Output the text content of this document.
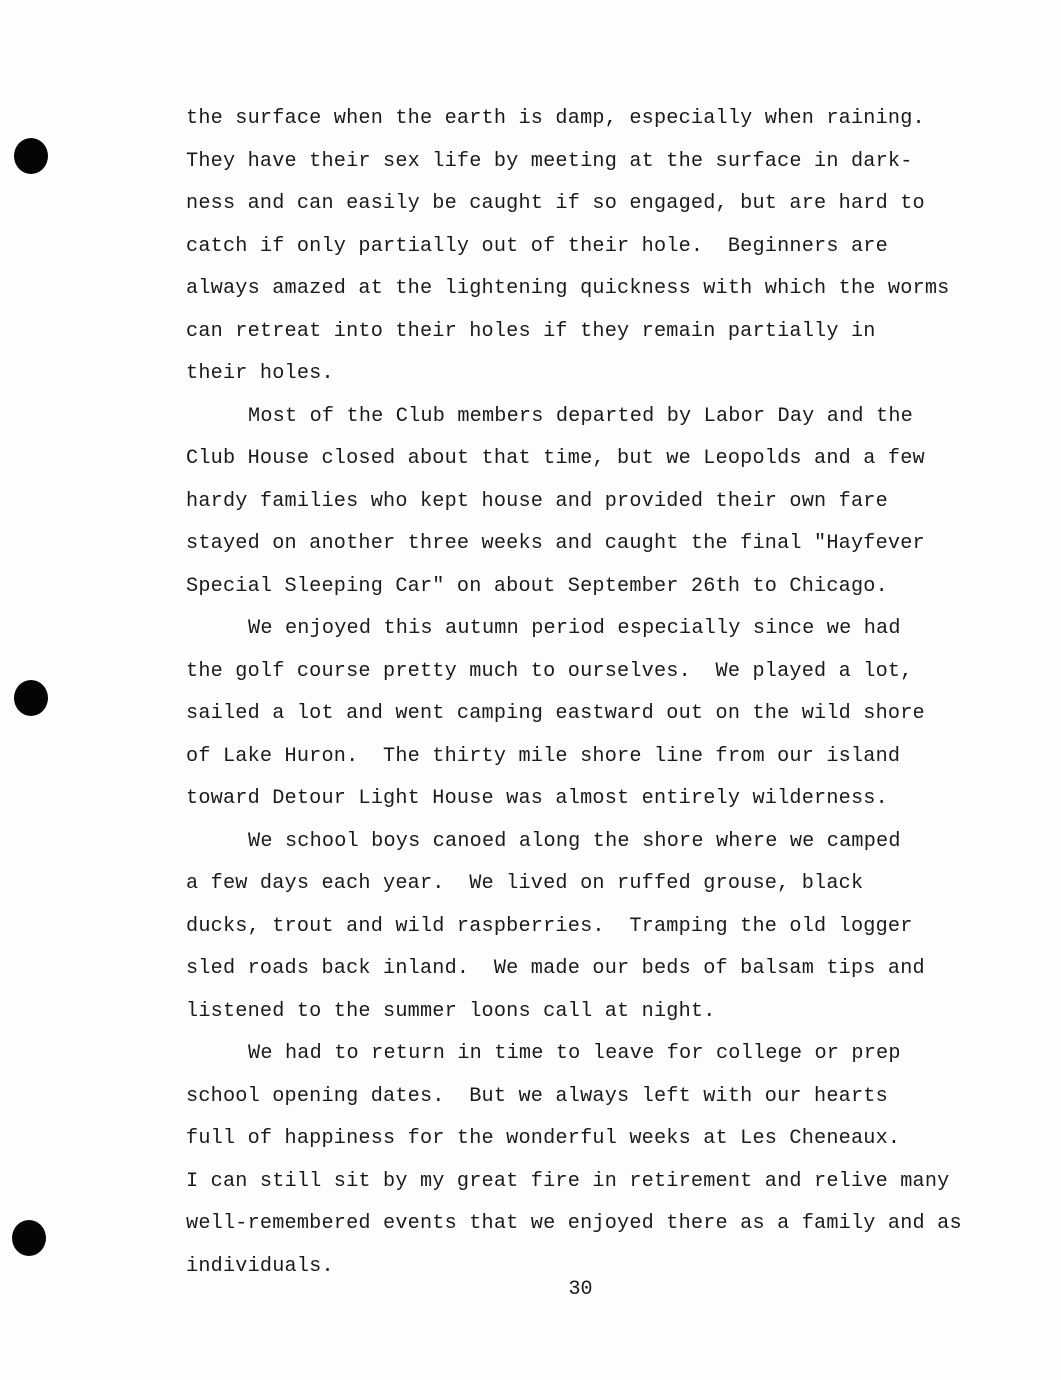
the surface when the earth is damp, especially when raining.
They have their sex life by meeting at the surface in dark-
ness and can easily be caught if so engaged, but are hard to
catch if only partially out of their hole.  Beginners are
always amazed at the lightening quickness with which the worms
can retreat into their holes if they remain partially in
their holes.
Most of the Club members departed by Labor Day and the
Club House closed about that time, but we Leopolds and a few
hardy families who kept house and provided their own fare
stayed on another three weeks and caught the final "Hayfever
Special Sleeping Car" on about September 26th to Chicago.
We enjoyed this autumn period especially since we had
the golf course pretty much to ourselves.  We played a lot,
sailed a lot and went camping eastward out on the wild shore
of Lake Huron.  The thirty mile shore line from our island
toward Detour Light House was almost entirely wilderness.
We school boys canoed along the shore where we camped
a few days each year.  We lived on ruffed grouse, black
ducks, trout and wild raspberries.  Tramping the old logger
sled roads back inland.  We made our beds of balsam tips and
listened to the summer loons call at night.
We had to return in time to leave for college or prep
school opening dates.  But we always left with our hearts
full of happiness for the wonderful weeks at Les Cheneaux.
I can still sit by my great fire in retirement and relive many
well-remembered events that we enjoyed there as a family and as
individuals.
30
